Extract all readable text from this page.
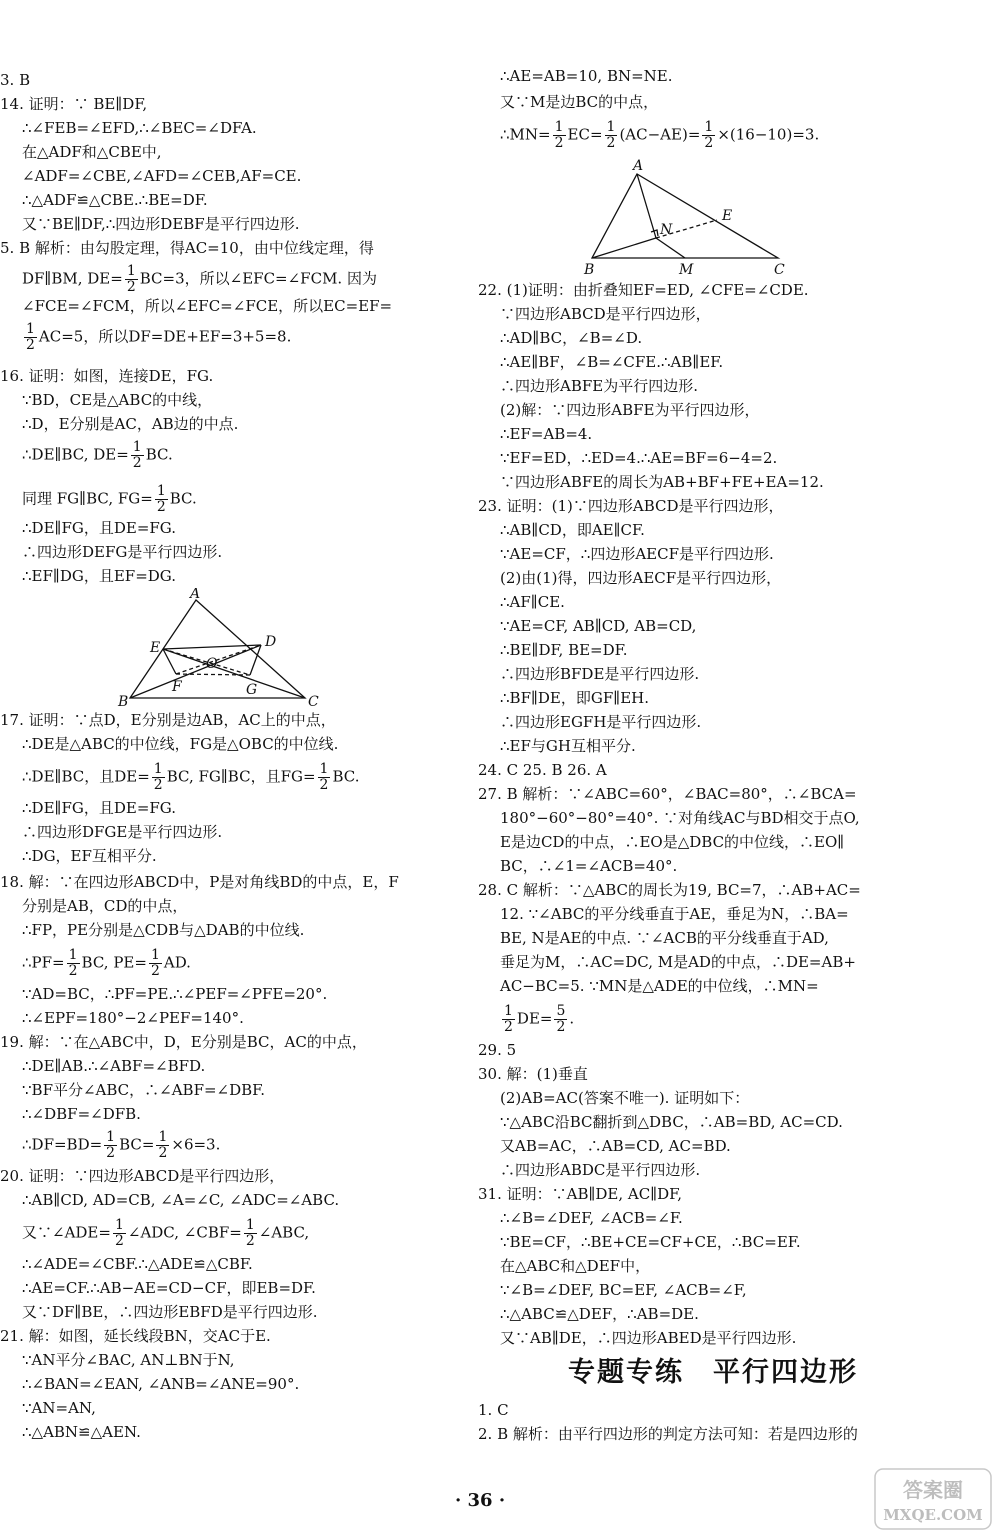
3. B
14. 证明：∵ BE∥DF,
∴∠FEB=∠EFD,∴∠BEC=∠DFA.
在△ADF和△CBE中,
∠ADF=∠CBE,∠AFD=∠CEB,AF=CE.
∴△ADF≌△CBE.∴BE=DF.
又∵BE∥DF,∴四边形DEBF是平行四边形.
5. B 解析：由勾股定理，得AC=10，由中位线定理，得
DF∥BM, $DE= \frac{1}{2} BC=3$，所以∠EFC=∠FCM. 因为
∠FCE=∠FCM，所以∠EFC=∠FCE，所以EC=EF=
$\frac{1}{2} AC=5$，所以DF=DE+EF=3+5=8.
16. 证明：如图，连接DE，FG.
∵BD，CE是△ABC的中线，
∴D，E分别是AC，AB边的中点.
∴DE∥BC, $DE= \frac{1}{2}$ BC.
同理 FG∥BC, $FG= \frac{1}{2}$ BC.
∴DE∥FG，且DE=FG.
∴四边形DEFG是平行四边形.
∴EF∥DG，且EF=DG.
A
B	C
D
E
F	G
O
17. 证明：∵点D，E分别是边AB，AC上的中点，
∴DE是△ABC的中位线，FG是△OBC的中位线.
∴DE∥BC，且$DE= \frac{1}{2}$ BC, FG∥BC，且$FG= \frac{1}{2}$ BC.
∴DE∥FG，且DE=FG.
∴四边形DFGE是平行四边形.
∴DG，EF互相平分.
18. 解：∵在四边形ABCD中，P是对角线BD的中点，E，F
分别是AB，CD的中点，
∴FP，PE分别是△CDB与△DAB的中位线.
∴PF= $\frac{1}{2}$ BC, $PE= \frac{1}{2}$ AD.
∵AD=BC，∴PF=PE.∴∠PEF=∠PFE=20°.
∴∠EPF=180°−2∠PEF=140°.
19. 解：∵在△ABC中，D，E分别是BC，AC的中点，
∴DE∥AB.∴∠ABF=∠BFD.
∵BF平分∠ABC，∴∠ABF=∠DBF.
∴∠DBF=∠DFB.
∴DF=BD= $\frac{1}{2} BC= \frac{1}{2} \times 6=3$.
20. 证明：∵四边形ABCD是平行四边形，
∴AB∥CD, AD=CB, ∠A=∠C, ∠ADC=∠ABC.
又∵∠ADE= $\frac{1}{2}$ ∠ADC, ∠CBF= $\frac{1}{2}$ ∠ABC,
∴∠ADE=∠CBF.∴△ADE≌△CBF.
∴AE=CF.∴AB−AE=CD−CF，即EB=DF.
又∵DF∥BE，∴四边形EBFD是平行四边形.
21. 解：如图，延长线段BN，交AC于E.
∵AN平分∠BAC, AN⊥BN于N,
∴∠BAN=∠EAN, ∠ANB=∠ANE=90°.
∵AN=AN,
∴△ABN≌△AEN.
∴AE=AB=10, BN=NE.
又∵M是边BC的中点，
∴MN= $\frac{1}{2} EC= \frac{1}{2} (AC-AE)= \frac{1}{2} \times(16-10)=3$.
A
B	C
E
M
N
22. (1)证明：由折叠知EF=ED, ∠CFE=∠CDE.
∵四边形ABCD是平行四边形，
∴AD∥BC，∠B=∠D.
∴AE∥BF，∠B=∠CFE.∴AB∥EF.
∴四边形ABFE为平行四边形.
(2)解：∵四边形ABFE为平行四边形，
∴EF=AB=4.
∵EF=ED，∴ED=4.∴AE=BF=6−4=2.
∵四边形ABFE的周长为AB+BF+FE+EA=12.
23. 证明：(1)∵四边形ABCD是平行四边形，
∴AB∥CD，即AE∥CF.
∵AE=CF，∴四边形AECF是平行四边形.
(2)由(1)得，四边形AECF是平行四边形，
∴AF∥CE.
∵AE=CF, AB∥CD, AB=CD,
∴BE∥DF, BE=DF.
∴四边形BFDE是平行四边形.
∴BF∥DE，即GF∥EH.
∴四边形EGFH是平行四边形.
∴EF与GH互相平分.
24. C 25. B 26. A
27. B 解析：∵∠ABC=60°，∠BAC=80°，∴∠BCA=
180°−60°−80°=40°. ∵对角线AC与BD相交于点O,
E是边CD的中点，∴EO是△DBC的中位线，∴EO∥
BC，∴∠1=∠ACB=40°.
28. C 解析：∵△ABC的周长为19, BC=7，∴AB+AC=
12. ∵∠ABC的平分线垂直于AE，垂足为N，∴BA=
BE, N是AE的中点. ∵∠ACB的平分线垂直于AD,
垂足为M，∴AC=DC, M是AD的中点，∴DE=AB+
AC−BC=5. ∵MN是△ADE的中位线，∴MN=
$\frac{1}{2} DE= \frac{5}{2}$ .
29. 5
30. 解：(1)垂直
(2)AB=AC(答案不唯一). 证明如下：
∵△ABC沿BC翻折到△DBC，∴AB=BD, AC=CD.
又AB=AC，∴AB=CD, AC=BD.
∴四边形ABDC是平行四边形.
31. 证明：∵AB∥DE, AC∥DF,
∴∠B=∠DEF, ∠ACB=∠F.
∵BE=CF，∴BE+CE=CF+CE，∴BC=EF.
在△ABC和△DEF中，
∵∠B=∠DEF, BC=EF, ∠ACB=∠F,
∴△ABC≌△DEF，∴AB=DE.
又∵AB∥DE，∴四边形ABED是平行四边形.
专题专练　平行四边形
1. C
2. B 解析：由平行四边形的判定方法可知：若是四边形的
· 36 ·	答案圈
MXQE.COM
